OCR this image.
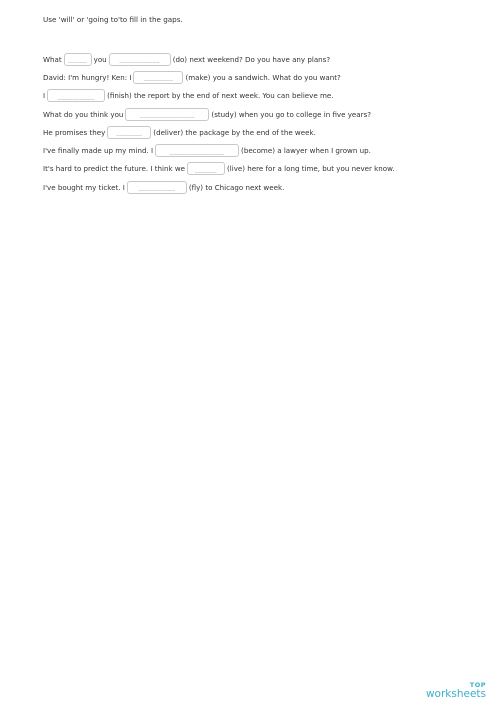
Use 'will' or 'going to'to fill in the gaps.
What	_____ you	___________	(do) next weekend? Do you have any plans?
David: I'm hungry! Ken: I	________	(make) you a sandwich. What do you want?
I	__________	(finish) the report by the end of next week. You can believe me.
What do you think you	_______________	(study) when you go to college in five years?
He promises they	_______	(deliver) the package by the end of the week.
I've finally made up my mind. I	_______________	(become) a lawyer when I grown up.
It's hard to predict the future. I think we	______	(live) here for a long time, but you never know.
I've bought my ticket. I	__________	(fly) to Chicago next week.
TOP
worksheets
